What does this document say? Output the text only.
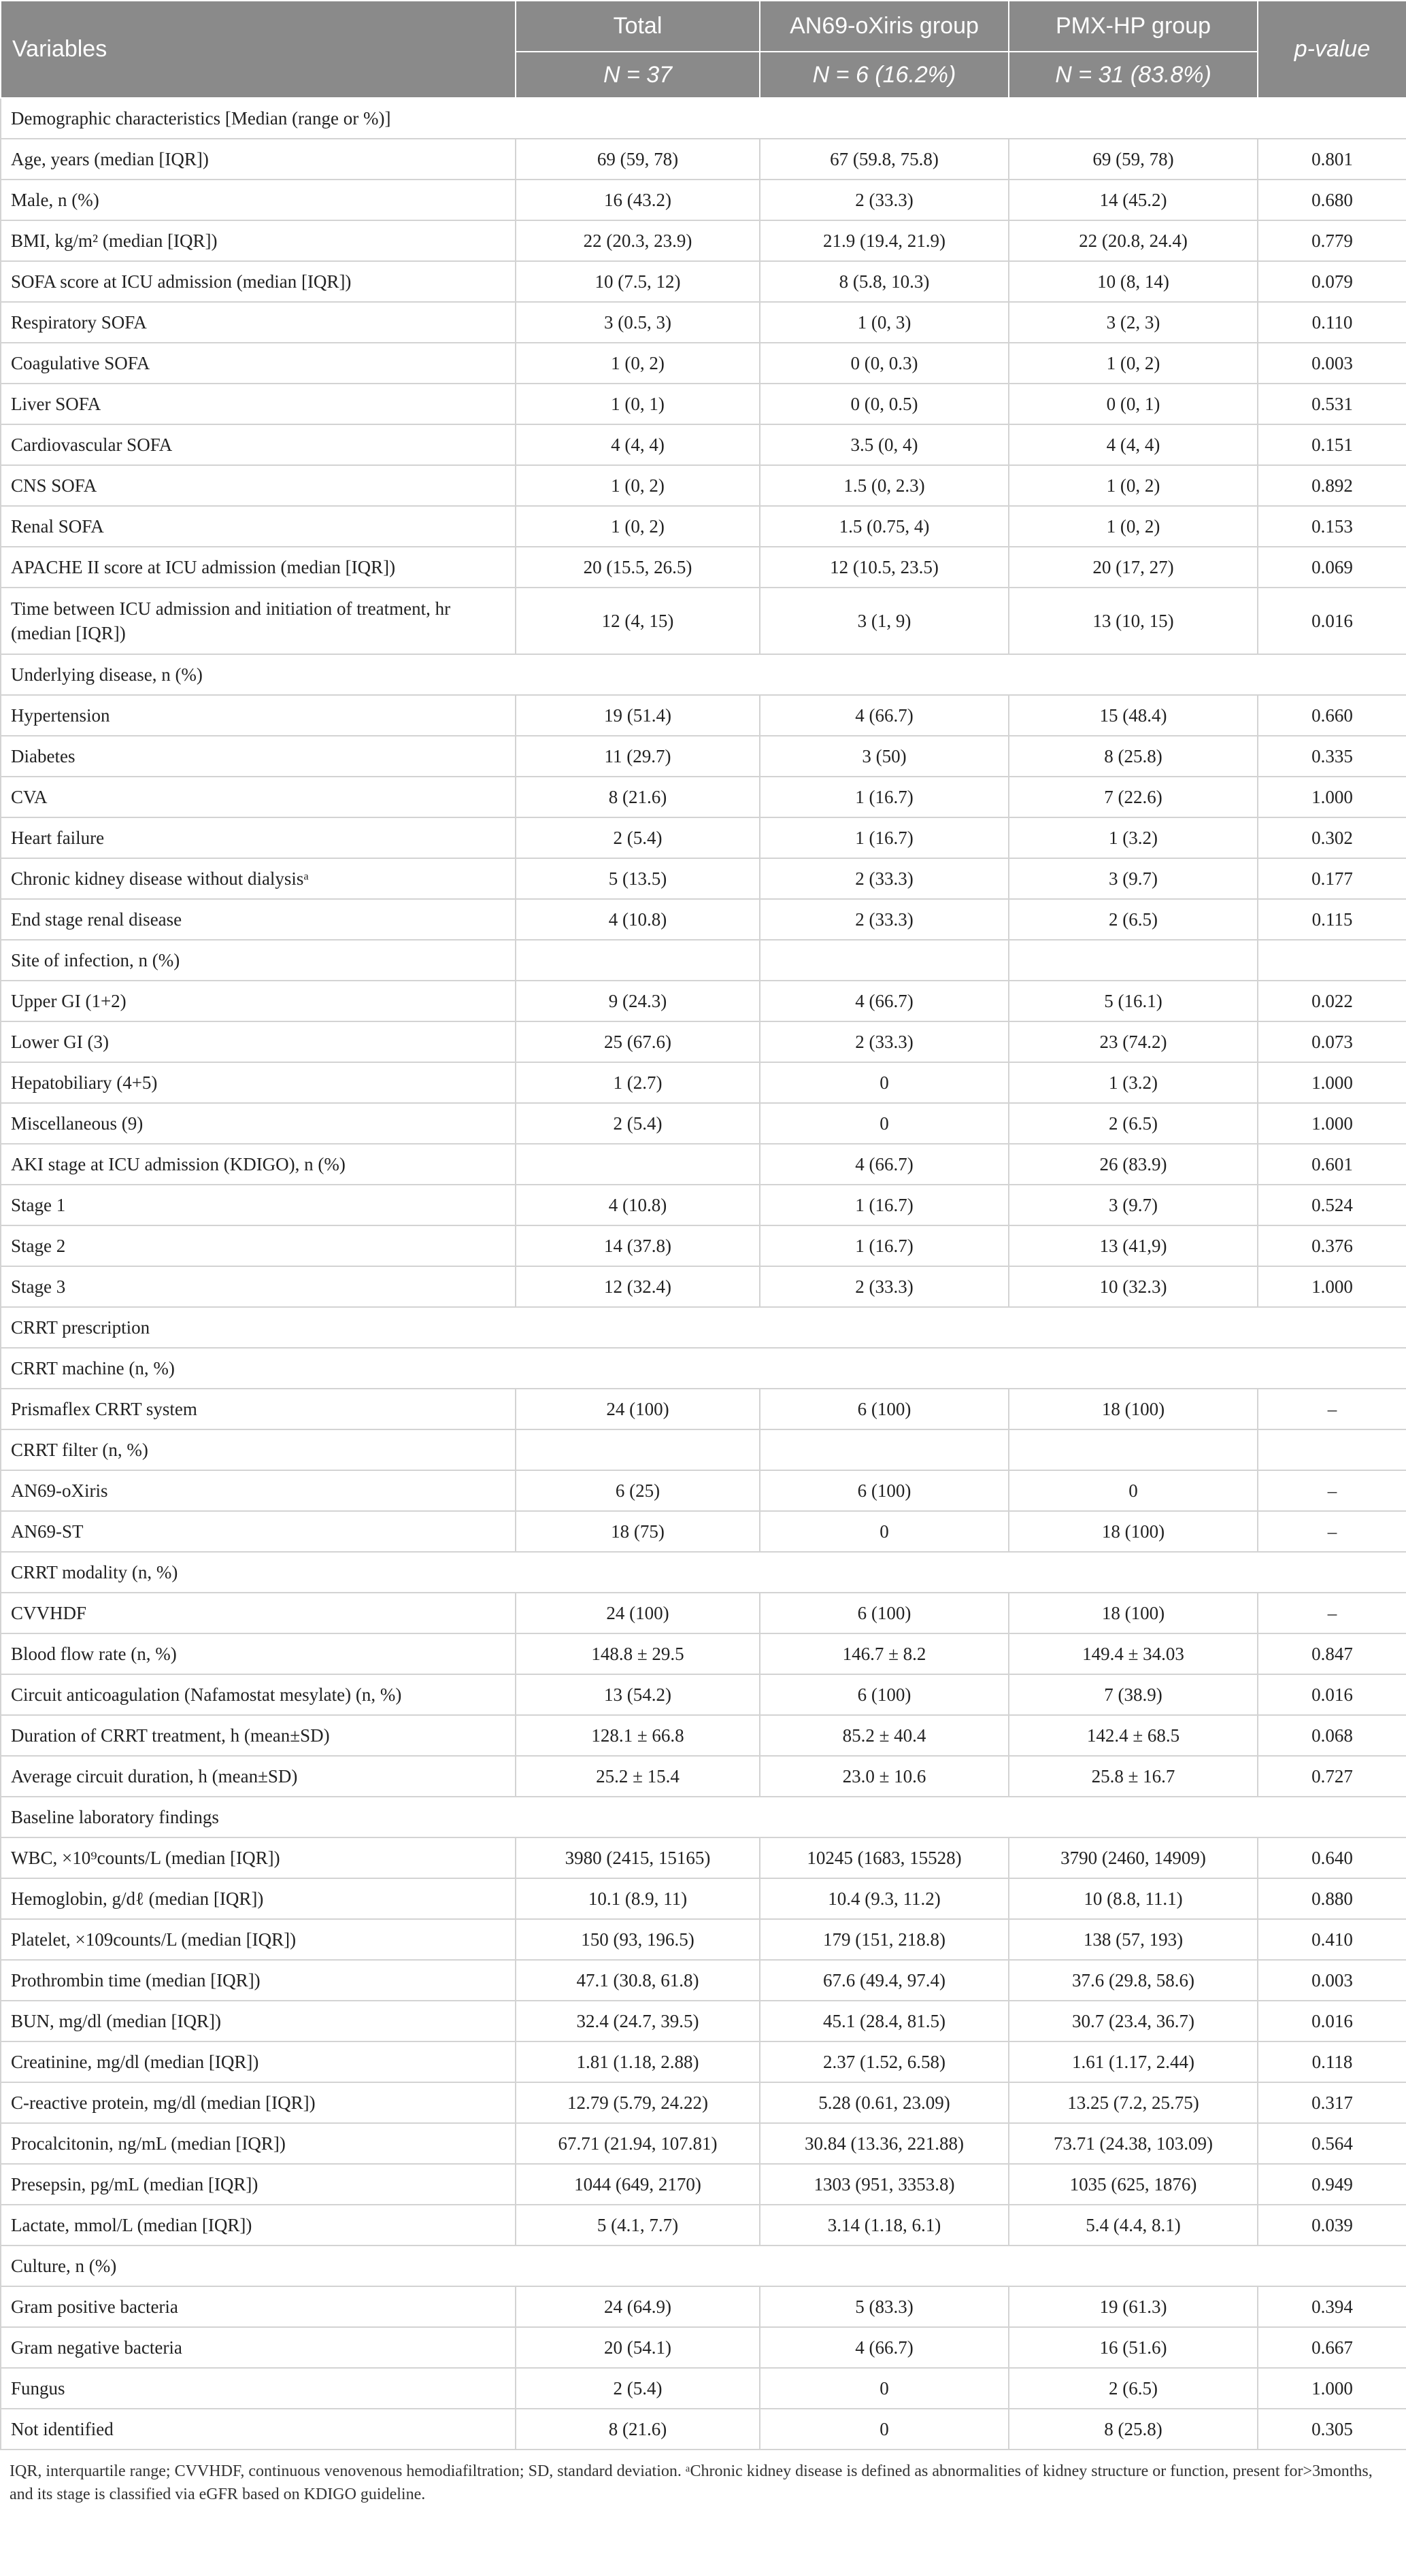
Variables	Total	AN69-oXiris group	PMX-HP group	p-value
	N = 37	N = 6 (16.2%)	N = 31 (83.8%)	
Demographic characteristics [Median (range or %)]				
Age, years (median [IQR])	69 (59, 78)	67 (59.8, 75.8)	69 (59, 78)	0.801
Male, n (%)	16 (43.2)	2 (33.3)	14 (45.2)	0.680
BMI, kg/m² (median [IQR])	22 (20.3, 23.9)	21.9 (19.4, 21.9)	22 (20.8, 24.4)	0.779
SOFA score at ICU admission (median [IQR])	10 (7.5, 12)	8 (5.8, 10.3)	10 (8, 14)	0.079
Respiratory SOFA	3 (0.5, 3)	1 (0, 3)	3 (2, 3)	0.110
Coagulative SOFA	1 (0, 2)	0 (0, 0.3)	1 (0, 2)	0.003
Liver SOFA	1 (0, 1)	0 (0, 0.5)	0 (0, 1)	0.531
Cardiovascular SOFA	4 (4, 4)	3.5 (0, 4)	4 (4, 4)	0.151
CNS SOFA	1 (0, 2)	1.5 (0, 2.3)	1 (0, 2)	0.892
Renal SOFA	1 (0, 2)	1.5 (0.75, 4)	1 (0, 2)	0.153
APACHE II score at ICU admission (median [IQR])	20 (15.5, 26.5)	12 (10.5, 23.5)	20 (17, 27)	0.069
Time between ICU admission and initiation of treatment, hr (median [IQR])	12 (4, 15)	3 (1, 9)	13 (10, 15)	0.016
Underlying disease, n (%)				
Hypertension	19 (51.4)	4 (66.7)	15 (48.4)	0.660
Diabetes	11 (29.7)	3 (50)	8 (25.8)	0.335
CVA	8 (21.6)	1 (16.7)	7 (22.6)	1.000
Heart failure	2 (5.4)	1 (16.7)	1 (3.2)	0.302
Chronic kidney disease without dialysisᵃ	5 (13.5)	2 (33.3)	3 (9.7)	0.177
End stage renal disease	4 (10.8)	2 (33.3)	2 (6.5)	0.115
Site of infection, n (%)				
Upper GI (1+2)	9 (24.3)	4 (66.7)	5 (16.1)	0.022
Lower GI (3)	25 (67.6)	2 (33.3)	23 (74.2)	0.073
Hepatobiliary (4+5)	1 (2.7)	0	1 (3.2)	1.000
Miscellaneous (9)	2 (5.4)	0	2 (6.5)	1.000
AKI stage at ICU admission (KDIGO), n (%)		4 (66.7)	26 (83.9)	0.601
Stage 1	4 (10.8)	1 (16.7)	3 (9.7)	0.524
Stage 2	14 (37.8)	1 (16.7)	13 (41,9)	0.376
Stage 3	12 (32.4)	2 (33.3)	10 (32.3)	1.000
CRRT prescription				
CRRT machine (n, %)				
Prismaflex CRRT system	24 (100)	6 (100)	18 (100)	–
CRRT filter (n, %)				
AN69-oXiris	6 (25)	6 (100)	0	–
AN69-ST	18 (75)	0	18 (100)	–
CRRT modality (n, %)				
CVVHDF	24 (100)	6 (100)	18 (100)	–
Blood flow rate (n, %)	148.8 ± 29.5	146.7 ± 8.2	149.4 ± 34.03	0.847
Circuit anticoagulation (Nafamostat mesylate) (n, %)	13 (54.2)	6 (100)	7 (38.9)	0.016
Duration of CRRT treatment, h (mean±SD)	128.1 ± 66.8	85.2 ± 40.4	142.4 ± 68.5	0.068
Average circuit duration, h (mean±SD)	25.2 ± 15.4	23.0 ± 10.6	25.8 ± 16.7	0.727
Baseline laboratory findings				
WBC, ×10⁹counts/L (median [IQR])	3980 (2415, 15165)	10245 (1683, 15528)	3790 (2460, 14909)	0.640
Hemoglobin, g/dℓ (median [IQR])	10.1 (8.9, 11)	10.4 (9.3, 11.2)	10 (8.8, 11.1)	0.880
Platelet, ×109counts/L (median [IQR])	150 (93, 196.5)	179 (151, 218.8)	138 (57, 193)	0.410
Prothrombin time (median [IQR])	47.1 (30.8, 61.8)	67.6 (49.4, 97.4)	37.6 (29.8, 58.6)	0.003
BUN, mg/dl (median [IQR])	32.4 (24.7, 39.5)	45.1 (28.4, 81.5)	30.7 (23.4, 36.7)	0.016
Creatinine, mg/dl (median [IQR])	1.81 (1.18, 2.88)	2.37 (1.52, 6.58)	1.61 (1.17, 2.44)	0.118
C-reactive protein, mg/dl (median [IQR])	12.79 (5.79, 24.22)	5.28 (0.61, 23.09)	13.25 (7.2, 25.75)	0.317
Procalcitonin, ng/mL (median [IQR])	67.71 (21.94, 107.81)	30.84 (13.36, 221.88)	73.71 (24.38, 103.09)	0.564
Presepsin, pg/mL (median [IQR])	1044 (649, 2170)	1303 (951, 3353.8)	1035 (625, 1876)	0.949
Lactate, mmol/L (median [IQR])	5 (4.1, 7.7)	3.14 (1.18, 6.1)	5.4 (4.4, 8.1)	0.039
Culture, n (%)				
Gram positive bacteria	24 (64.9)	5 (83.3)	19 (61.3)	0.394
Gram negative bacteria	20 (54.1)	4 (66.7)	16 (51.6)	0.667
Fungus	2 (5.4)	0	2 (6.5)	1.000
Not identified	8 (21.6)	0	8 (25.8)	0.305
IQR, interquartile range; CVVHDF, continuous venovenous hemodiafiltration; SD, standard deviation. ᵃChronic kidney disease is defined as abnormalities of kidney structure or function, present for>3months, and its stage is classified via eGFR based on KDIGO guideline.
